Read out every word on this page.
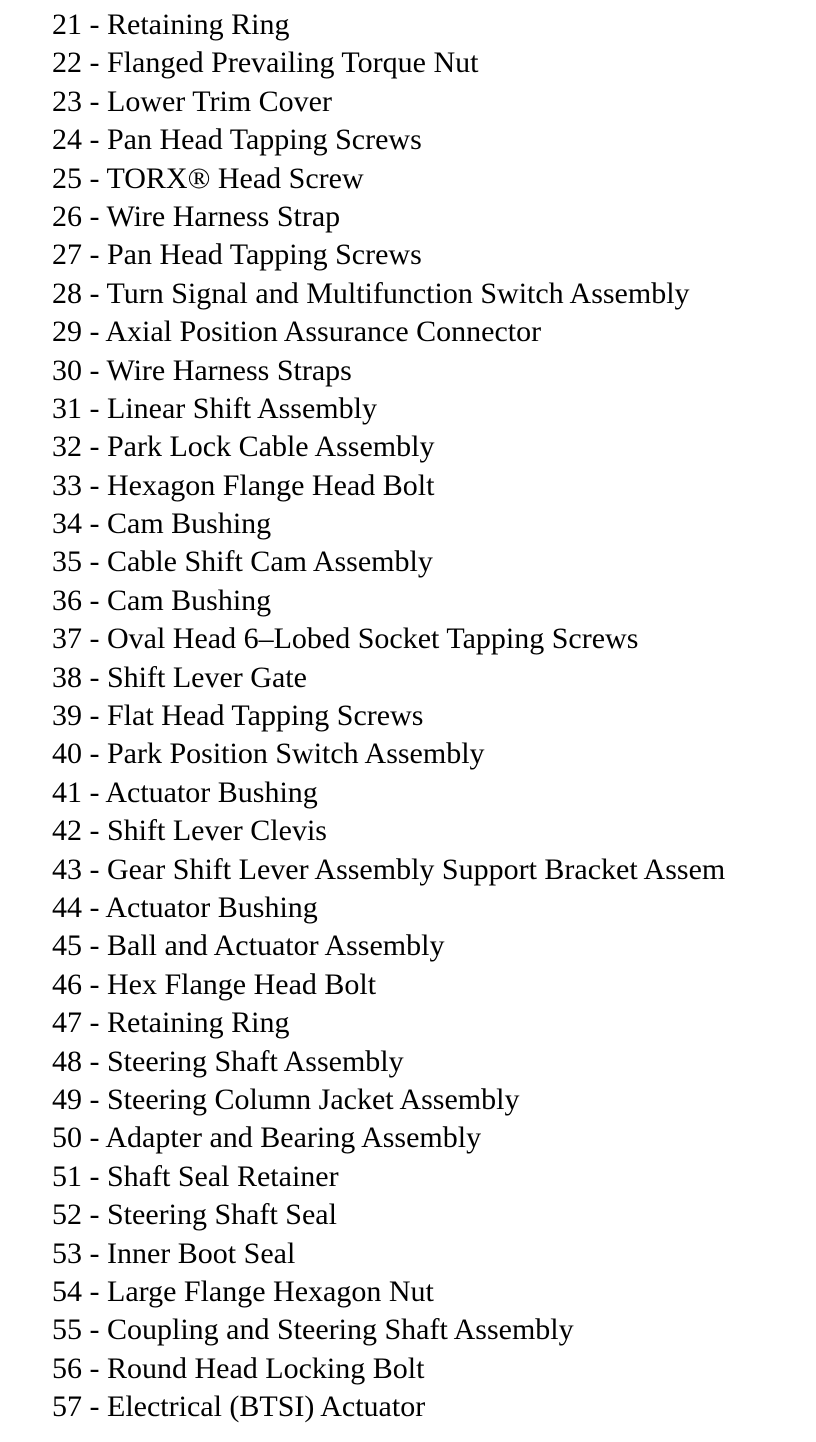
21 - Retaining Ring
22 - Flanged Prevailing Torque Nut
23 - Lower Trim Cover
24 - Pan Head Tapping Screws
25 - TORX® Head Screw
26 - Wire Harness Strap
27 - Pan Head Tapping Screws
28 - Turn Signal and Multifunction Switch Assembly
29 - Axial Position Assurance Connector
30 - Wire Harness Straps
31 - Linear Shift Assembly
32 - Park Lock Cable Assembly
33 - Hexagon Flange Head Bolt
34 - Cam Bushing
35 - Cable Shift Cam Assembly
36 - Cam Bushing
37 - Oval Head 6–Lobed Socket Tapping Screws
38 - Shift Lever Gate
39 - Flat Head Tapping Screws
40 - Park Position Switch Assembly
41 - Actuator Bushing
42 - Shift Lever Clevis
43 - Gear Shift Lever Assembly Support Bracket Assem
44 - Actuator Bushing
45 - Ball and Actuator Assembly
46 - Hex Flange Head Bolt
47 - Retaining Ring
48 - Steering Shaft Assembly
49 - Steering Column Jacket Assembly
50 - Adapter and Bearing Assembly
51 - Shaft Seal Retainer
52 - Steering Shaft Seal
53 - Inner Boot Seal
54 - Large Flange Hexagon Nut
55 - Coupling and Steering Shaft Assembly
56 - Round Head Locking Bolt
57 - Electrical (BTSI) Actuator
